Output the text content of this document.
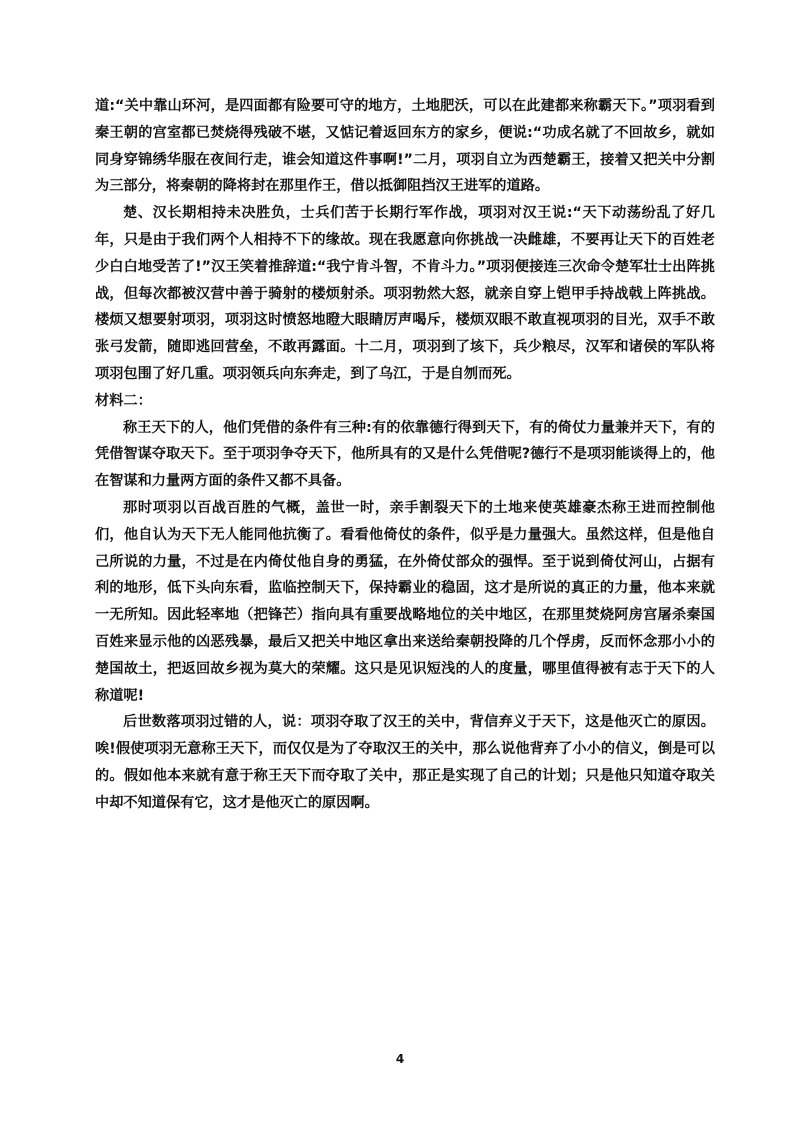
道:“关中靠山环河，是四面都有险要可守的地方，土地肥沃，可以在此建都来称霸天下。”项羽看到秦王朝的宫室都已焚烧得残破不堪，又惦记着返回东方的家乡，便说:“功成名就了不回故乡，就如同身穿锦绣华服在夜间行走，谁会知道这件事啊!”二月，项羽自立为西楚霸王，接着又把关中分割为三部分，将秦朝的降将封在那里作王，借以抵御阻挡汉王进军的道路。

楚、汉长期相持未决胜负，士兵们苦于长期行军作战，项羽对汉王说:“天下动荡纷乱了好几年，只是由于我们两个人相持不下的缘故。现在我愿意向你挑战一决雌雄，不要再让天下的百姓老少白白地受苦了!”汉王笑着推辞道:“我宁肯斗智，不肯斗力。”项羽便接连三次命令楚军壮士出阵挑战，但每次都被汉营中善于骑射的楼烦射杀。项羽勃然大怒，就亲自穿上铠甲手持战戟上阵挑战。楼烦又想要射项羽，项羽这时愤怒地瞪大眼睛厉声喝斥，楼烦双眼不敢直视项羽的目光，双手不敢张弓发箭，随即逃回营垒，不敢再露面。十二月，项羽到了垓下，兵少粮尽，汉军和诸侯的军队将项羽包围了好几重。项羽领兵向东奔走，到了乌江，于是自刎而死。

材料二：

称王天下的人，他们凭借的条件有三种:有的依靠德行得到天下，有的倚仗力量兼并天下，有的凭借智谋夺取天下。至于项羽争夺天下，他所具有的又是什么凭借呢?德行不是项羽能谈得上的，他在智谋和力量两方面的条件又都不具备。

那时项羽以百战百胜的气概，盖世一时，亲手割裂天下的土地来使英雄豪杰称王进而控制他们，他自认为天下无人能同他抗衡了。看看他倚仗的条件，似乎是力量强大。虽然这样，但是他自己所说的力量，不过是在内倚仗他自身的勇猛，在外倚仗部众的强悍。至于说到倚仗河山，占据有利的地形，低下头向东看，监临控制天下，保持霸业的稳固，这才是所说的真正的力量，他本来就一无所知。因此轻率地（把锋芒）指向具有重要战略地位的关中地区，在那里焚烧阿房宫屠杀秦国百姓来显示他的凶恶残暴，最后又把关中地区拿出来送给秦朝投降的几个俘虏，反而怀念那小小的楚国故土，把返回故乡视为莫大的荣耀。这只是见识短浅的人的度量，哪里值得被有志于天下的人称道呢!

后世数落项羽过错的人，说：项羽夺取了汉王的关中，背信弃义于天下，这是他灭亡的原因。唉!假使项羽无意称王天下，而仅仅是为了夺取汉王的关中，那么说他背弃了小小的信义，倒是可以的。假如他本来就有意于称王天下而夺取了关中，那正是实现了自己的计划；只是他只知道夺取关中却不知道保有它，这才是他灭亡的原因啊。

4
